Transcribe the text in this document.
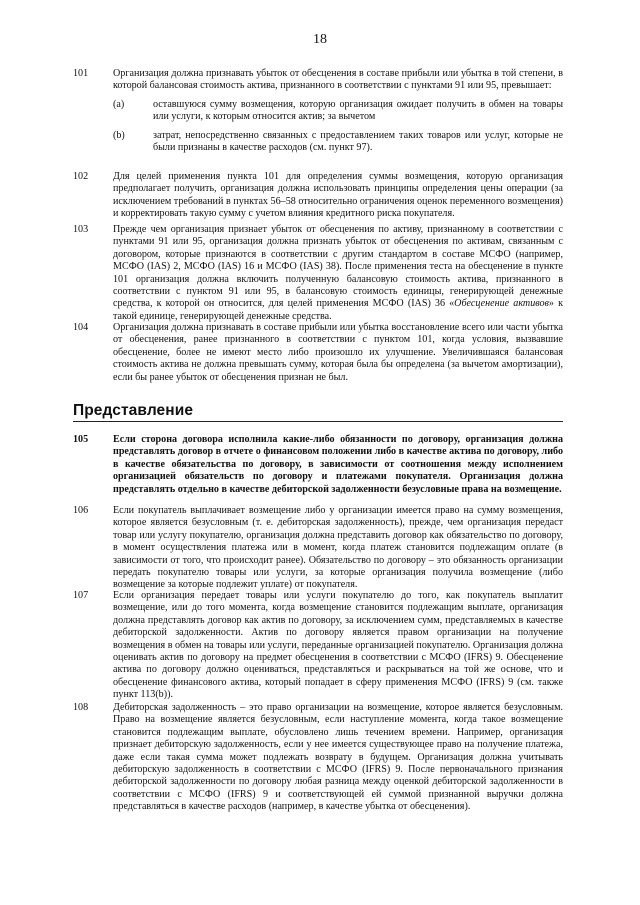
18
101	Организация должна признавать убыток от обесценения в составе прибыли или убытка в той степени, в которой балансовая стоимость актива, признанного в соответствии с пунктами 91 или 95, превышает:
(a)	оставшуюся сумму возмещения, которую организация ожидает получить в обмен на товары или услуги, к которым относится актив; за вычетом
(b)	затрат, непосредственно связанных с предоставлением таких товаров или услуг, которые не были признаны в качестве расходов (см. пункт 97).
102	Для целей применения пункта 101 для определения суммы возмещения, которую организация предполагает получить, организация должна использовать принципы определения цены операции (за исключением требований в пунктах 56–58 относительно ограничения оценок переменного возмещения) и корректировать такую сумму с учетом влияния кредитного риска покупателя.
103	Прежде чем организация признает убыток от обесценения по активу, признанному в соответствии с пунктами 91 или 95, организация должна признать убыток от обесценения по активам, связанным с договором, которые признаются в соответствии с другим стандартом в составе МСФО (например, МСФО (IAS) 2, МСФО (IAS) 16 и МСФО (IAS) 38). После применения теста на обесценение в пункте 101 организация должна включить полученную балансовую стоимость актива, признанного в соответствии с пунктом 91 или 95, в балансовую стоимость единицы, генерирующей денежные средства, к которой он относится, для целей применения МСФО (IAS) 36 «Обесценение активов» к такой единице, генерирующей денежные средства.
104	Организация должна признавать в составе прибыли или убытка восстановление всего или части убытка от обесценения, ранее признанного в соответствии с пунктом 101, когда условия, вызвавшие обесценение, более не имеют место либо произошло их улучшение. Увеличившаяся балансовая стоимость актива не должна превышать сумму, которая была бы определена (за вычетом амортизации), если бы ранее убыток от обесценения признан не был.
Представление
105	Если сторона договора исполнила какие-либо обязанности по договору, организация должна представлять договор в отчете о финансовом положении либо в качестве актива по договору, либо в качестве обязательства по договору, в зависимости от соотношения между исполнением организацией обязательств по договору и платежами покупателя. Организация должна представлять отдельно в качестве дебиторской задолженности безусловные права на возмещение.
106	Если покупатель выплачивает возмещение либо у организации имеется право на сумму возмещения, которое является безусловным (т. е. дебиторская задолженность), прежде, чем организация передаст товар или услугу покупателю, организация должна представить договор как обязательство по договору, в момент осуществления платежа или в момент, когда платеж становится подлежащим оплате (в зависимости от того, что происходит ранее). Обязательство по договору – это обязанность организации передать покупателю товары или услуги, за которые организация получила возмещение (либо возмещение за которые подлежит уплате) от покупателя.
107	Если организация передает товары или услуги покупателю до того, как покупатель выплатит возмещение, или до того момента, когда возмещение становится подлежащим выплате, организация должна представлять договор как актив по договору, за исключением сумм, представляемых в качестве дебиторской задолженности. Актив по договору является правом организации на получение возмещения в обмен на товары или услуги, переданные организацией покупателю. Организация должна оценивать актив по договору на предмет обесценения в соответствии с МСФО (IFRS) 9. Обесценение актива по договору должно оцениваться, представляться и раскрываться на той же основе, что и обесценение финансового актива, который попадает в сферу применения МСФО (IFRS) 9 (см. также пункт 113(b)).
108	Дебиторская задолженность – это право организации на возмещение, которое является безусловным. Право на возмещение является безусловным, если наступление момента, когда такое возмещение становится подлежащим выплате, обусловлено лишь течением времени. Например, организация признает дебиторскую задолженность, если у нее имеется существующее право на получение платежа, даже если такая сумма может подлежать возврату в будущем. Организация должна учитывать дебиторскую задолженность в соответствии с МСФО (IFRS) 9. После первоначального признания дебиторской задолженности по договору любая разница между оценкой дебиторской задолженности в соответствии с МСФО (IFRS) 9 и соответствующей ей суммой признанной выручки должна представляться в качестве расходов (например, в качестве убытка от обесценения).
